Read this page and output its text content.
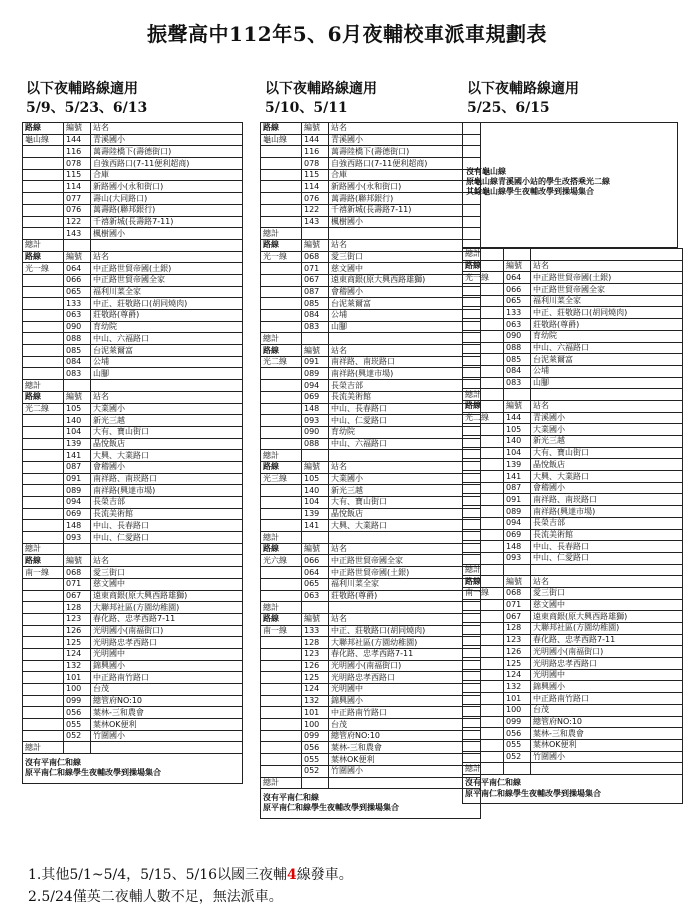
振聲高中112年5、6月夜輔校車派車規劃表
以下夜輔路線適用
5/9、5/23、6/13
以下夜輔路線適用
5/10、5/11
以下夜輔路線適用
5/25、6/15
路線	編號	站名
龜山線	144	青溪國小
	116	萬壽陸橋下(壽德街口)
	078	自強西路口(7-11便利超商)
	115	合庫
	114	新路國小(永和街口)
	077	壽山(大同路口)
	076	萬壽路(聯邦銀行)
	122	千禧新城(長壽路7-11)
	143	楓樹國小
總計		
路線	編號	站名
光一線	064	中正路世貿帝國(土銀)
	066	中正路世貿帝國全家
	065	福利川菜全家
	133	中正、莊敬路口(胡同燒肉)
	063	莊敬路(尊爵)
	090	育幼院
	088	中山、六福路口
	085	台泥萊爾富
	084	公埔
	083	山腳
總計		
路線	編號	站名
光二線	105	大業國小
	140	新光三越
	104	大有、寶山街口
	139	晶悅飯店
	141	大興、大業路口
	087	會稽國小
	091	南祥路、南崁路口
	089	南祥路(興達市場)
	094	長榮吉部
	069	長流美術館
	148	中山、長春路口
	093	中山、仁愛路口
總計		
路線	編號	站名
南一線	068	愛三街口
	071	慈文國中
	067	遠東商銀(原大興西路雄獅)
	128	大聯邦社區(方園幼稚園)
	123	春化路、忠孝西路7-11
	126	光明國小(南福街口)
	125	光明路忠孝西路口
	124	光明國中
	132	錦興國小
	101	中正路南竹路口
	100	台茂
	099	總管府NO:10
	056	葉林-三和農會
	055	葉林OK便利
	052	竹圍國小
總計		
沒有平南仁和線		
原平南仁和線學生夜輔改學到操場集合		
路線	編號	站名
龜山線	144	青溪國小
	116	萬壽陸橋下(壽德街口)
	078	自強西路口(7-11便利超商)
	115	合庫
	114	新路國小(永和街口)
	076	萬壽路(聯邦銀行)
	122	千禧新城(長壽路7-11)
	143	楓樹國小
總計		
路線	編號	站名
光一線	068	愛三街口
	071	慈文國中
	067	遠東商銀(原大興西路雄獅)
	087	會稽國小
	085	台泥萊爾富
	084	公埔
	083	山腳
總計		
路線	編號	站名
光二線	091	南祥路、南崁路口
	089	南祥路(興達市場)
	094	長榮吉部
	069	長流美術館
	148	中山、長春路口
	093	中山、仁愛路口
	090	育幼院
	088	中山、六福路口
總計		
路線	編號	站名
光三線	105	大業國小
	140	新光三越
	104	大有、寶山街口
	139	晶悅飯店
	141	大興、大業路口
總計		
路線	編號	站名
光六線	066	中正路世貿帝國全家
	064	中正路世貿帝國(土銀)
	065	福利川菜全家
	063	莊敬路(尊爵)
總計		
路線	編號	站名
南一線	133	中正、莊敬路口(胡同燒肉)
	128	大聯邦社區(方園幼稚園)
	123	春化路、忠孝西路7-11
	126	光明國小(南福街口)
	125	光明路忠孝西路口
	124	光明國中
	132	錦興國小
	101	中正路南竹路口
	100	台茂
	099	總管府NO:10
	056	葉林-三和農會
	055	葉林OK便利
	052	竹圍國小
總計		
沒有平南仁和線		
原平南仁和線學生夜輔改學到操場集合		
沒有龜山線
原龜山線青溪國小站的學生改搭乘光二線
其餘龜山線學生夜輔改學到操場集合
總計		
路線	編號	站名
光一線	064	中正路世貿帝國(土銀)
	066	中正路世貿帝國全家
	065	福利川菜全家
	133	中正、莊敬路口(胡同燒肉)
	063	莊敬路(尊爵)
	090	育幼院
	088	中山、六福路口
	085	台泥萊爾富
	084	公埔
	083	山腳
總計		
路線	編號	站名
光二線	144	青溪國小
	105	大業國小
	140	新光三越
	104	大有、寶山街口
	139	晶悅飯店
	141	大興、大業路口
	087	會稽國小
	091	南祥路、南崁路口
	089	南祥路(興達市場)
	094	長榮吉部
	069	長流美術館
	148	中山、長春路口
	093	中山、仁愛路口
總計		
路線	編號	站名
南一線	068	愛三街口
	071	慈文國中
	067	遠東商銀(原大興西路雄獅)
	128	大聯邦社區(方園幼稚園)
	123	春化路、忠孝西路7-11
	126	光明國小(南福街口)
	125	光明路忠孝西路口
	124	光明國中
	132	錦興國小
	101	中正路南竹路口
	100	台茂
	099	總管府NO:10
	056	葉林-三和農會
	055	葉林OK便利
	052	竹圍國小
總計		
沒有平南仁和線		
原平南仁和線學生夜輔改學到操場集合		
1.其他5/1~5/4，5/15、5/16以國三夜輔4線發車。
2.5/24僅英二夜輔人數不足，無法派車。
